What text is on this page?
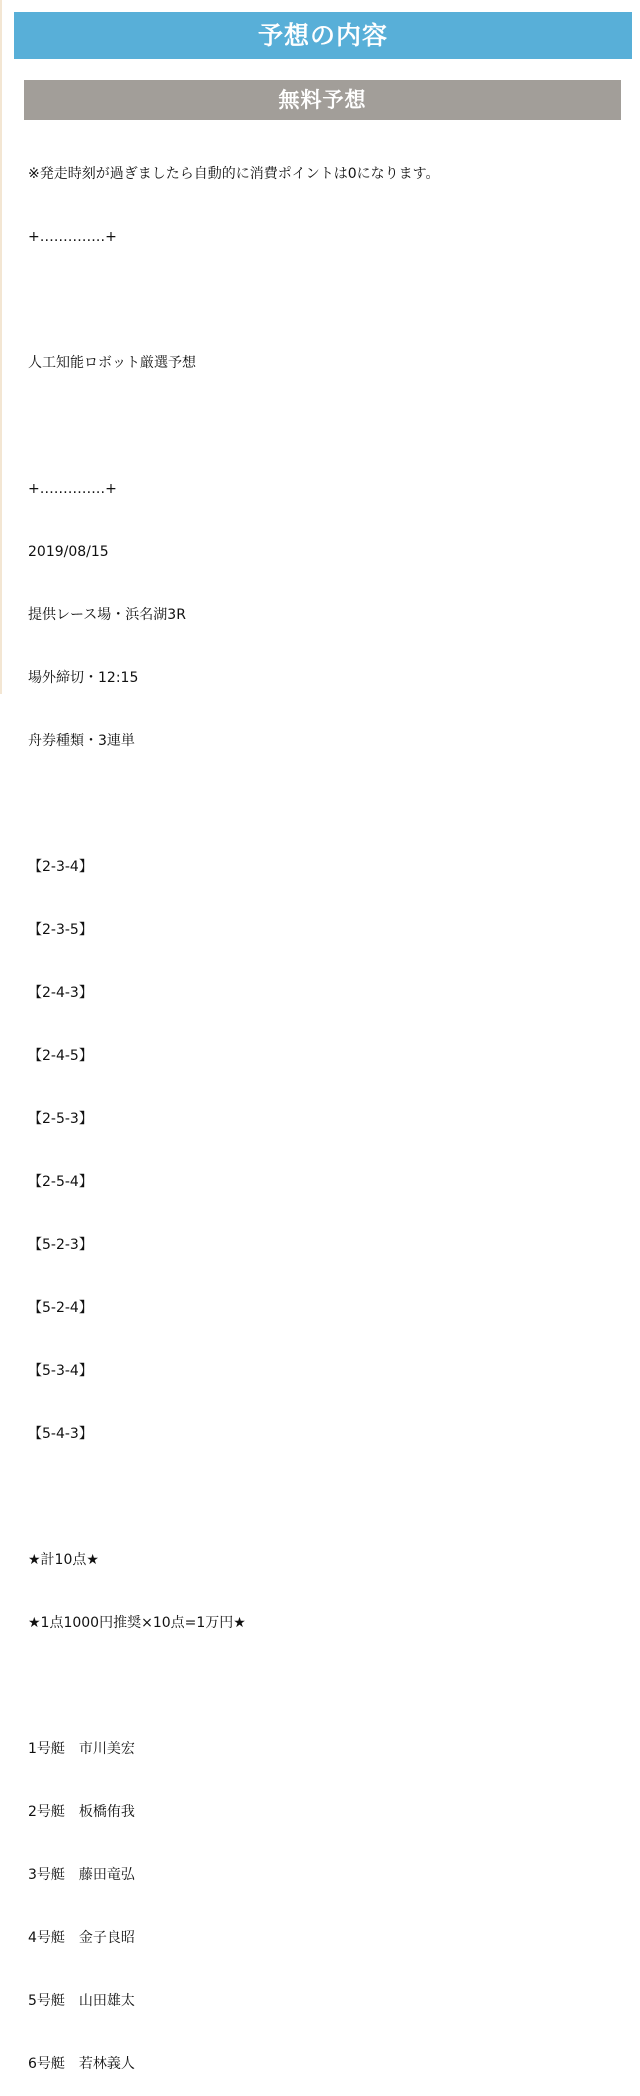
予想の内容
無料予想

※発走時刻が過ぎましたら自動的に消費ポイントは0になります。

+‥‥‥‥‥‥‥+

人工知能ロボット厳選予想

+‥‥‥‥‥‥‥+

2019/08/15

提供レース場・浜名湖3R

場外締切・12:15

舟券種類・3連単

【2-3-4】

【2-3-5】

【2-4-3】

【2-4-5】

【2-5-3】

【2-5-4】

【5-2-3】

【5-2-4】

【5-3-4】

【5-4-3】

★計10点★

★1点1000円推奨×10点=1万円★

1号艇　市川美宏

2号艇　板橋侑我

3号艇　藤田竜弘

4号艇　金子良昭

5号艇　山田雄太

6号艇　若林義人
